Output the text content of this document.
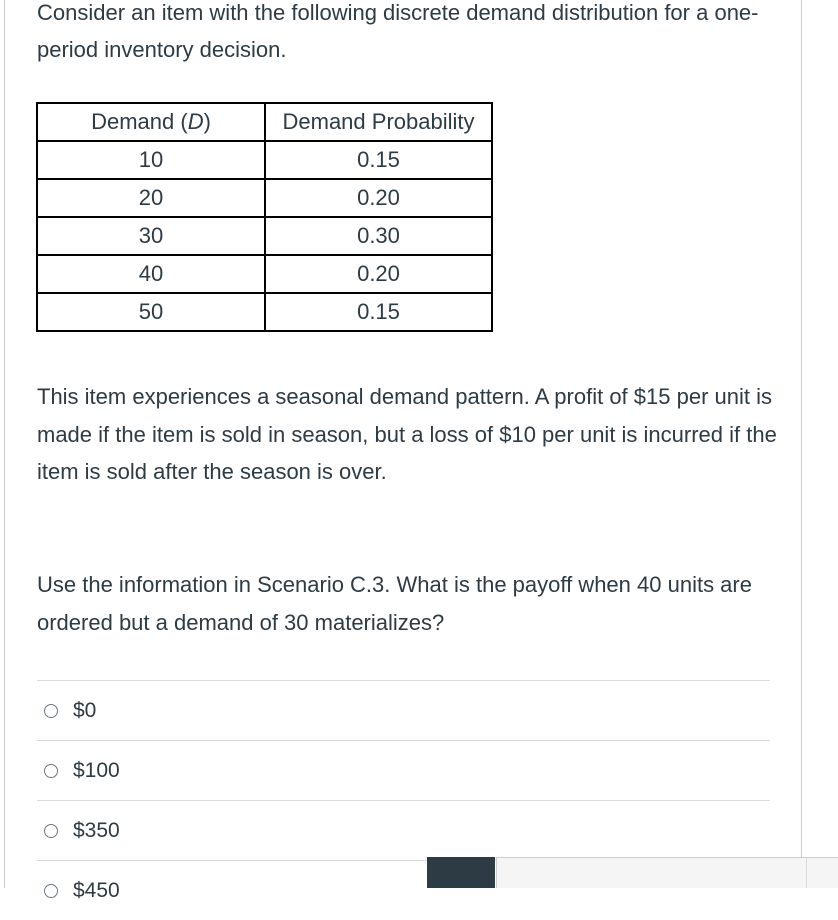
Consider an item with the following discrete demand distribution for a one-period inventory decision.
Demand (D)	Demand Probability
10	0.15
20	0.20
30	0.30
40	0.20
50	0.15
This item experiences a seasonal demand pattern. A profit of $15 per unit is made if the item is sold in season, but a loss of $10 per unit is incurred if the item is sold after the season is over.
Use the information in Scenario C.3. What is the payoff when 40 units are ordered but a demand of 30 materializes?
$0
$100
$350
$450
